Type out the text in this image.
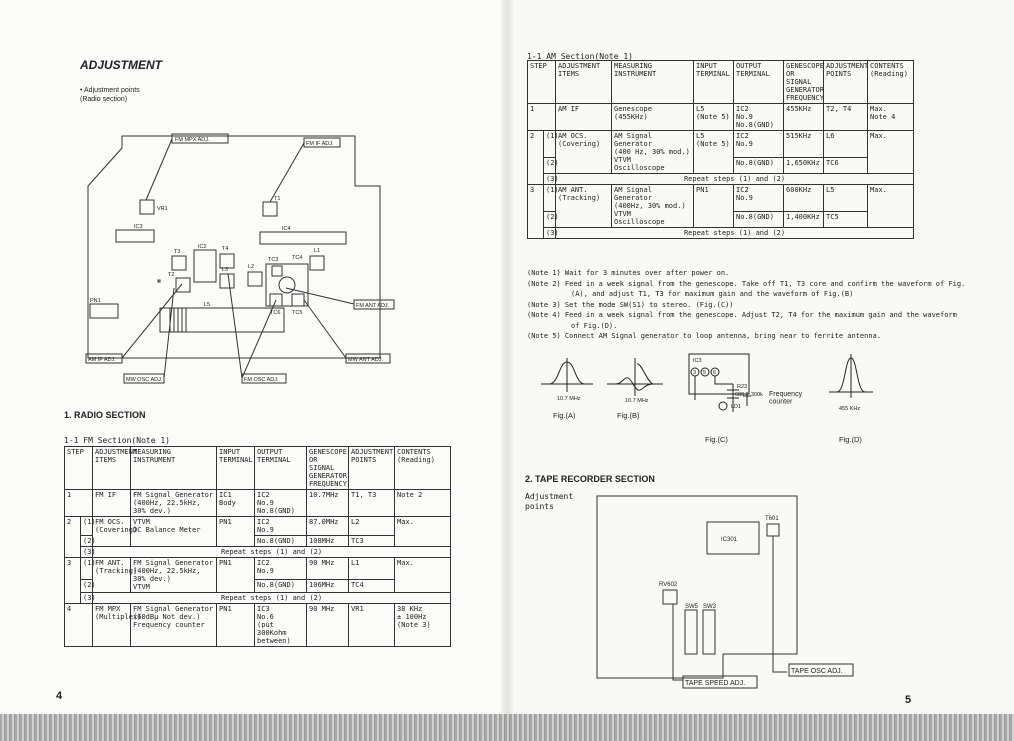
ADJUSTMENT
• Adjustment points
(Radio section)
FM MPX ADJ.
FM IF ADJ.
VR1
T1
IC3	IC4
T3
IC2	T4	L1
T2
L3	L2
TC3 TC4
PN1
L5
TC6 TC5
FM ANT ADJ.
AM IF ADJ.	MW ANT ADJ.
MW OSC ADJ.	FM OSC ADJ.
1. RADIO SECTION
1-1 FM Section(Note 1)
STEP		ADJUSTMENT ITEMS	MEASURING INSTRUMENT	INPUT TERMINAL	OUTPUT TERMINAL	GENESCOPE OR SIGNAL GENERATOR FREQUENCY	ADJUSTMENT POINTS	CONTENTS (Reading)
1		FM IF	FM Signal Generator
(400Hz, 22.5kHz,
30% dev.)	IC1
Body	IC2
No.9
No.8(GND)	10.7MHz	T1, T3	Note 2
2	(1)	FM OCS.
(Covering)	VTVM
DC Balance Meter	PN1	IC2
No.9	87.0MHz	L2	Max.
	(2)				No.8(GND)	108MHz	TC3	
	(3)	Repeat steps (1) and (2)						
3	(1)	FM ANT.
(Tracking)	FM Signal Generator
(400Hz, 22.5kHz,
30% dev.)
VTVM	PN1	IC2
No.9	90 MHz	L1	Max.
	(2)				No.8(GND)	106MHz	TC4	
	(3)	Repeat steps (1) and (2)						
4		FM MPX
(Multiplex)	FM Signal Generator
(60dBμ Not dev.)
Frequency counter	PN1	IC3
No.6
(put 300Kohm
between)	90 MHz	VR1	38 KHz
± 100Hz
(Note 3)
4
1-1 AM Section(Note 1)
STEP		ADJUSTMENT ITEMS	MEASURING INSTRUMENT	INPUT TERMINAL	OUTPUT TERMINAL	GENESCOPE OR SIGNAL GENERATOR FREQUENCY	ADJUSTMENT POINTS	CONTENTS (Reading)
1		AM IF	Genescope
(455KHz)	L5
(Note 5)	IC2
No.9
No.8(GND)	455KHz	T2, T4	Max.
Note 4
2	(1)	AM OCS.
(Covering)	AM Signal Generator
(400 Hz, 30% mod.)
VTVM
Oscilloscope	L5
(Note 5)	IC2
No.9	515KHz	L6	Max.
	(2)				No.8(GND)	1,650KHz	TC6	
	(3)	Repeat steps (1) and (2)						
3	(1)	AM ANT.
(Tracking)	AM Signal Generator
(400Hz, 30% mod.)
VTVM
Oscilloscope	PN1	IC2
No.9	600KHz	L5	Max.
	(2)				No.8(GND)	1,400KHz	TC5	
	(3)	Repeat steps (1) and (2)						
(Note 1) Wait for 3 minutes over after power on.
(Note 2) Feed in a week signal from the genescope. Take off T1, T3 core and confirm the waveform of Fig.(A), and adjust T1, T3 for maximum gain and the waveform of Fig.(B)
(Note 3) Set the mode SW(S1) to stereo. (Fig.(C))
(Note 4) Feed in a week signal from the genescope. Adjust T2, T4 for the maximum gain and the waveform of Fig.(D).
(Note 5) Connect AM Signal generator to loop antenna, bring near to ferrite antenna.
10.7 MHz	10.7 MHz
IC3
3 5 6
R23
680 300k
LD1
Frequency counter
455 KHz
Fig.(A)	Fig.(B)
Fig.(C)	Fig.(D)
2. TAPE RECORDER SECTION
Adjustment
points
T601
IC301
RV602
SW5 SW3
TAPE OSC ADJ.
TAPE SPEED ADJ.
5
